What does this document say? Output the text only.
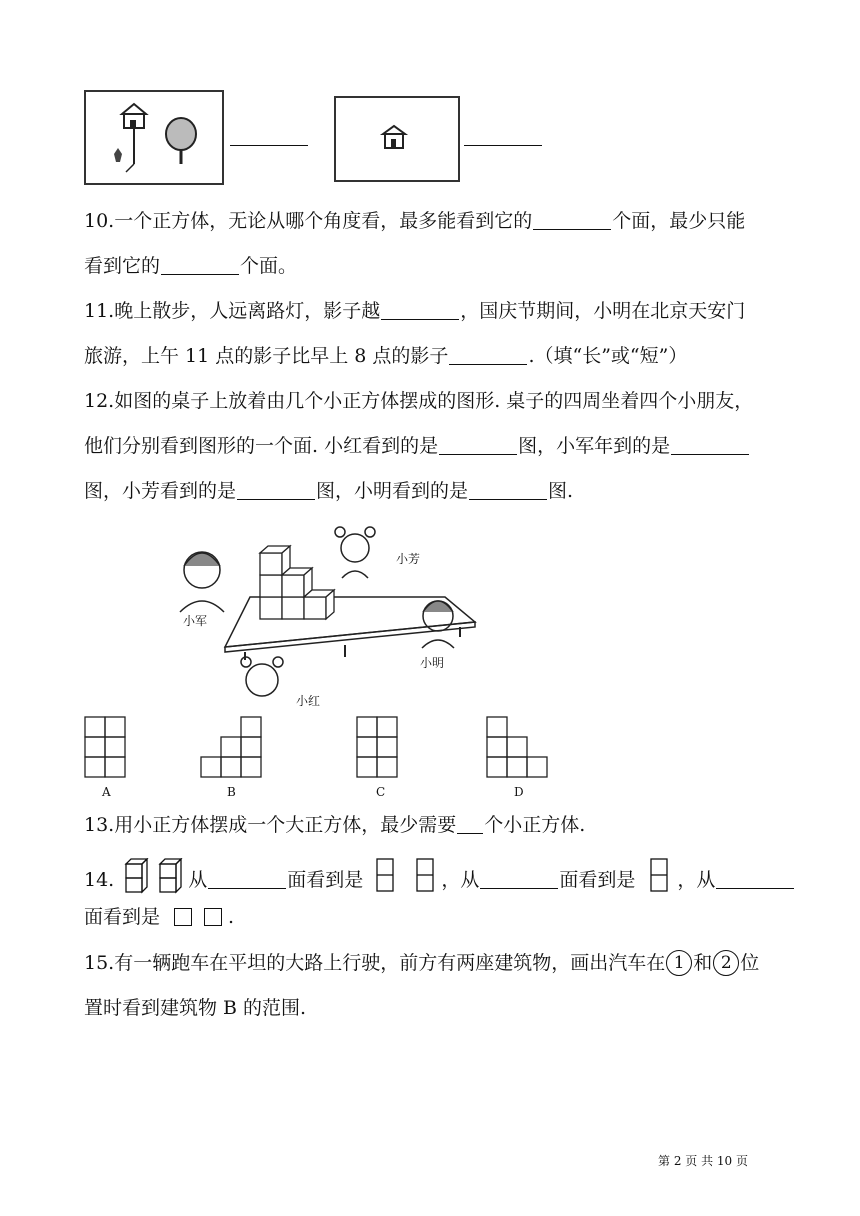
10.一个正方体，无论从哪个角度看，最多能看到它的	个面，最少只能
看到它的	个面。
11.晚上散步，人远离路灯，影子越	，国庆节期间，小明在北京天安门
旅游，上午 11 点的影子比早上 8 点的影子	.（填“长”或“短”）
12.如图的桌子上放着由几个小正方体摆成的图形. 桌子的四周坐着四个小朋友，
他们分别看到图形的一个面. 小红看到的是	图，小军年到的是
图，小芳看到的是	图，小明看到的是	图.
小芳
小军
小明
小红
A	B	C	D
13.用小正方体摆成一个大正方体，最少需要 个小正方体.
14.	从	面看到是	，从	面看到是 ，从
面看到是	.
15.有一辆跑车在平坦的大路上行驶，前方有两座建筑物，画出汽车在 1 和 2 位
置时看到建筑物 B 的范围.
第 2 页 共 10 页
